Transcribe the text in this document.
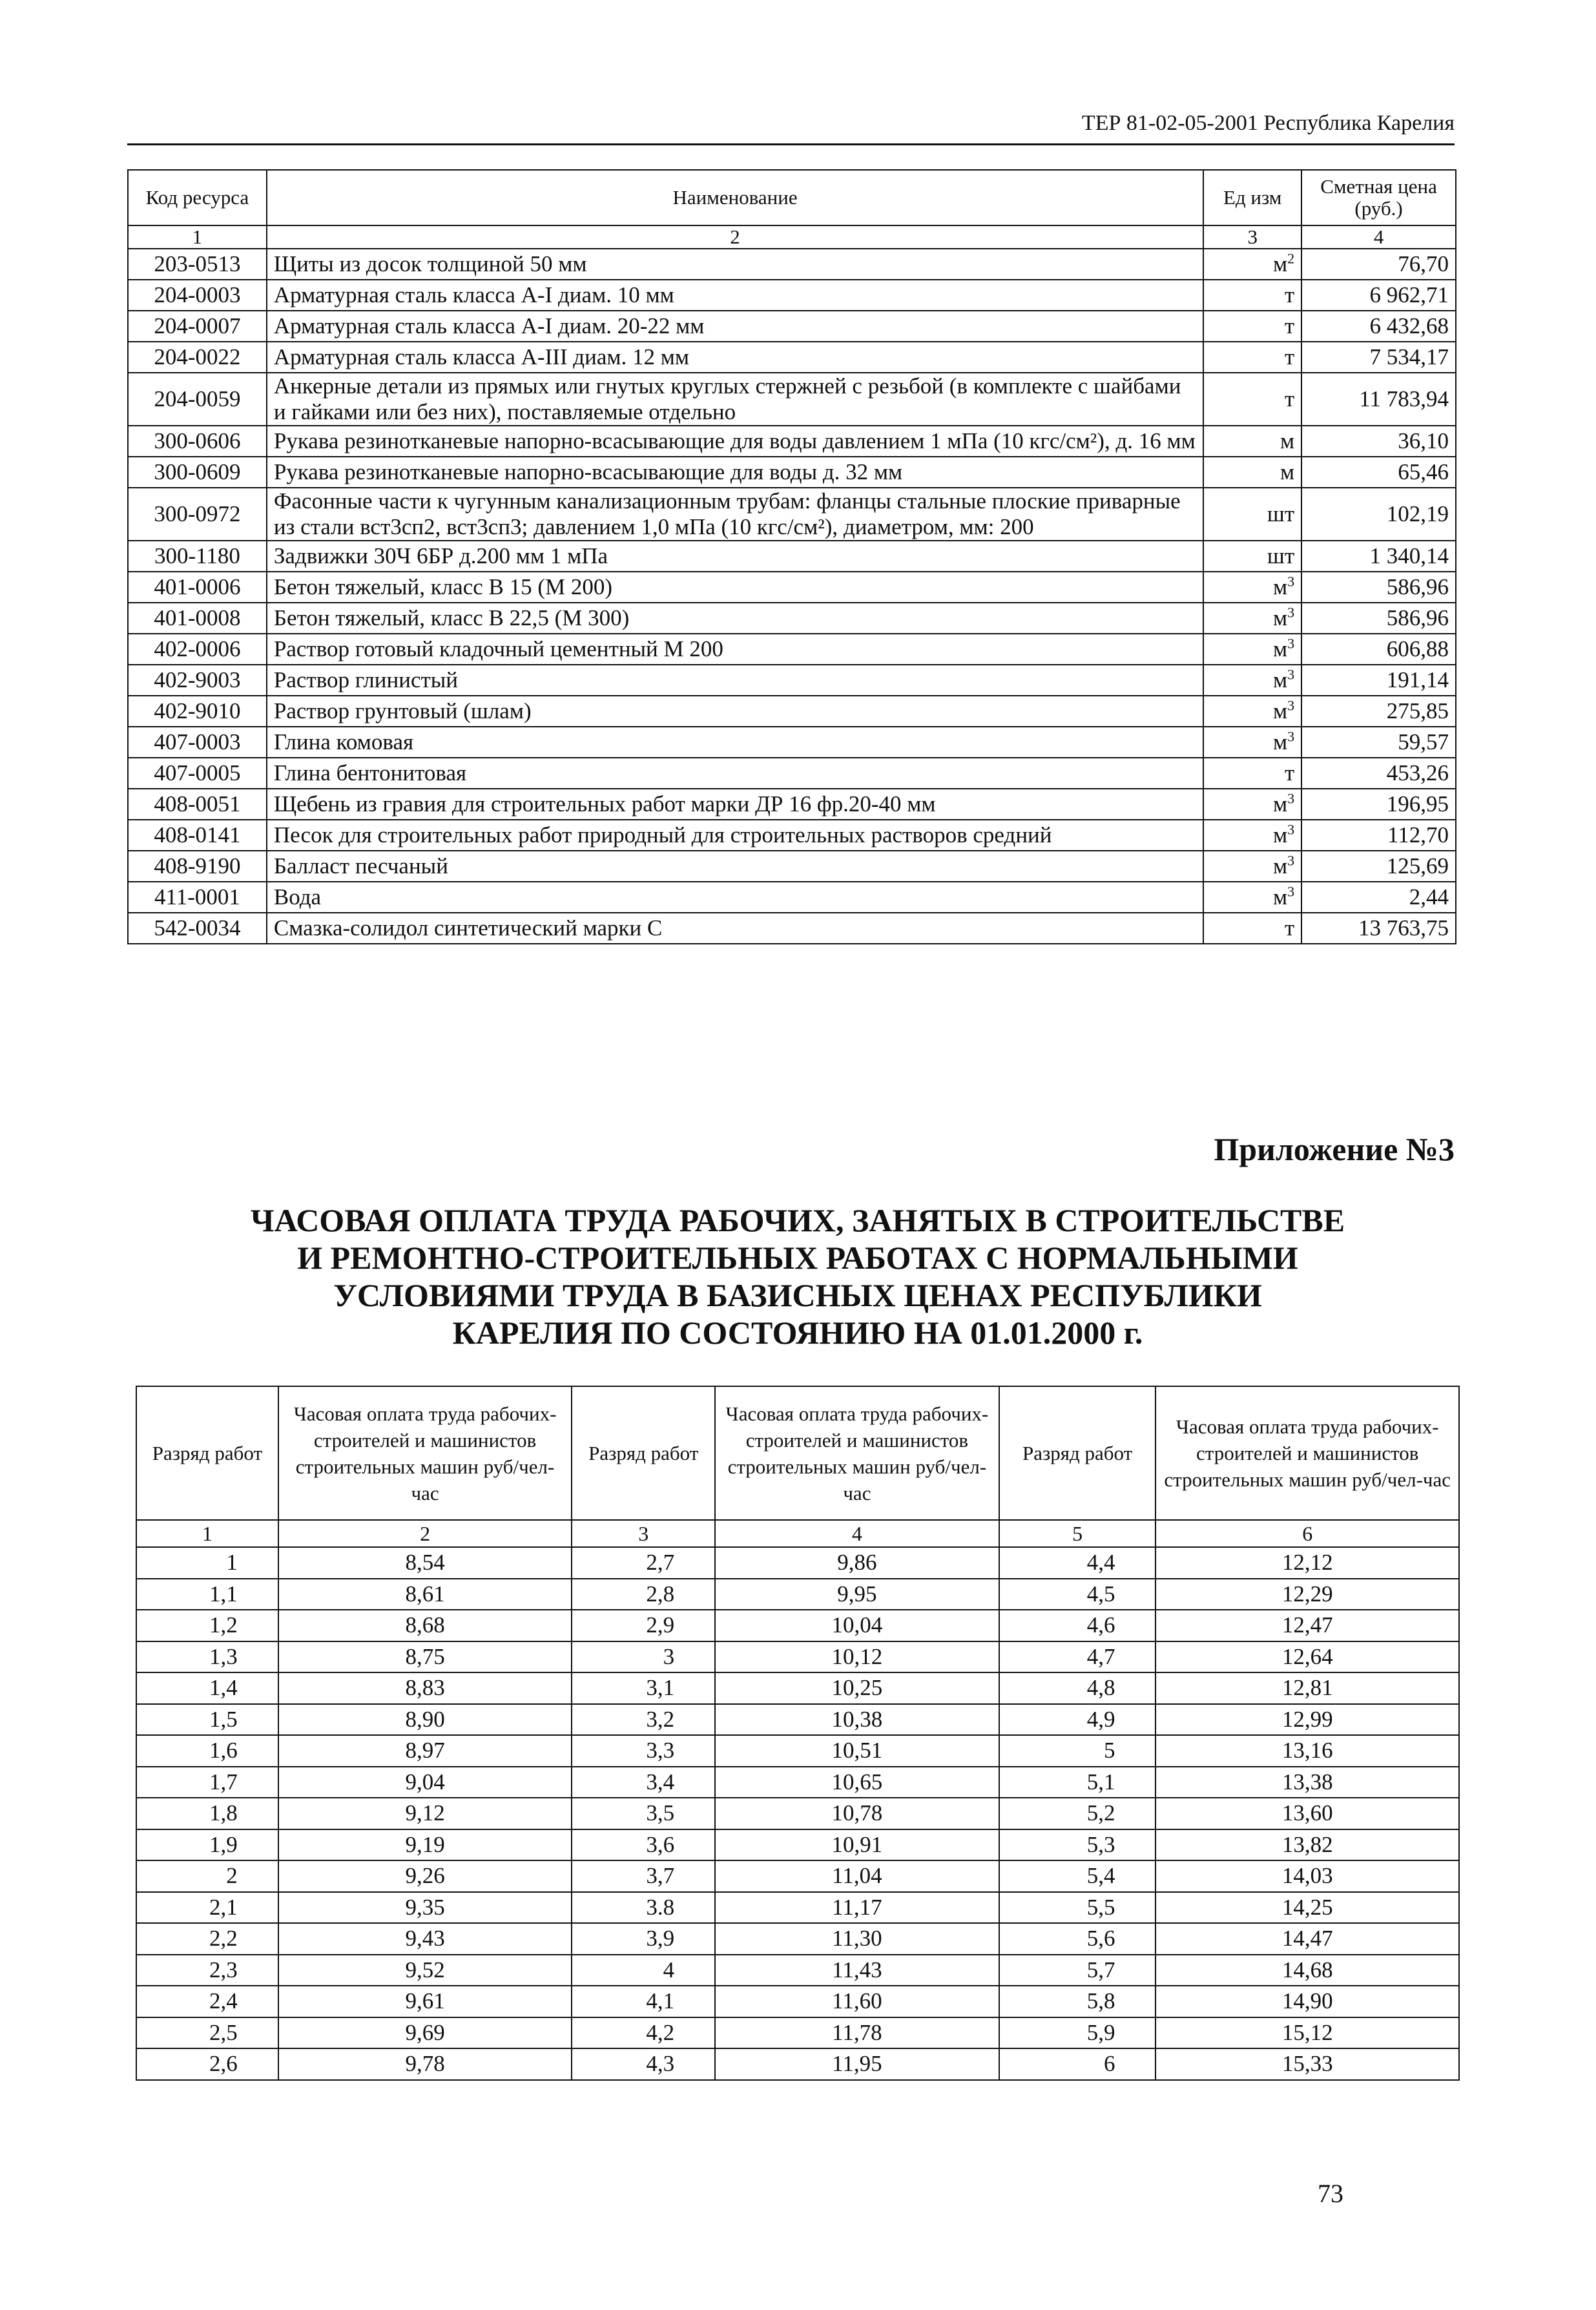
ТЕР 81-02-05-2001 Республика Карелия
Код ресурса	Наименование	Ед изм	Сметная цена (руб.)
1	2	3	4
203-0513	Щиты из досок толщиной 50 мм	$м^2$	76,70
204-0003	Арматурная сталь класса А-I диам. 10 мм	т	6 962,71
204-0007	Арматурная сталь класса А-I диам. 20-22 мм	т	6 432,68
204-0022	Арматурная сталь класса А-III диам. 12 мм	т	7 534,17
204-0059	Анкерные детали из прямых или гнутых круглых стержней с резьбой (в комплекте с шайбами и гайками или без них), поставляемые отдельно	т	11 783,94
300-0606	Рукава резинотканевые напорно-всасывающие для воды давлением 1 мПа (10 кгс/см²), д. 16 мм	м	36,10
300-0609	Рукава резинотканевые напорно-всасывающие для воды д. 32 мм	м	65,46
300-0972	Фасонные части к чугунным канализационным трубам: фланцы стальные плоские приварные из стали вст3сп2, вст3сп3; давлением 1,0 мПа (10 кгс/см²), диаметром, мм: 200	шт	102,19
300-1180	Задвижки 30Ч 6БР д.200 мм 1 мПа	шт	1 340,14
401-0006	Бетон тяжелый, класс В 15 (М 200)	$м^3$	586,96
401-0008	Бетон тяжелый, класс В 22,5 (М 300)	$м^3$	586,96
402-0006	Раствор готовый кладочный цементный М 200	$м^3$	606,88
402-9003	Раствор глинистый	$м^3$	191,14
402-9010	Раствор грунтовый (шлам)	$м^3$	275,85
407-0003	Глина комовая	$м^3$	59,57
407-0005	Глина бентонитовая	т	453,26
408-0051	Щебень из гравия для строительных работ марки ДР 16 фр.20-40 мм	$м^3$	196,95
408-0141	Песок для строительных работ природный для строительных растворов средний	$м^3$	112,70
408-9190	Балласт песчаный	$м^3$	125,69
411-0001	Вода	$м^3$	2,44
542-0034	Смазка-солидол синтетический марки С	т	13 763,75
Приложение №3
ЧАСОВАЯ ОПЛАТА ТРУДА РАБОЧИХ, ЗАНЯТЫХ В СТРОИТЕЛЬСТВЕ
И РЕМОНТНО-СТРОИТЕЛЬНЫХ РАБОТАХ С НОРМАЛЬНЫМИ
УСЛОВИЯМИ ТРУДА В БАЗИСНЫХ ЦЕНАХ РЕСПУБЛИКИ
КАРЕЛИЯ ПО СОСТОЯНИЮ НА 01.01.2000 г.
Разряд работ	Часовая оплата труда рабочих-строителей и машинистов строительных машин руб/чел-час	Разряд работ	Часовая оплата труда рабочих-строителей и машинистов строительных машин руб/чел-час	Разряд работ	Часовая оплата труда рабочих-строителей и машинистов строительных машин руб/чел-час
1	2	3	4	5	6
1	8,54	2,7	9,86	4,4	12,12
1,1	8,61	2,8	9,95	4,5	12,29
1,2	8,68	2,9	10,04	4,6	12,47
1,3	8,75	3	10,12	4,7	12,64
1,4	8,83	3,1	10,25	4,8	12,81
1,5	8,90	3,2	10,38	4,9	12,99
1,6	8,97	3,3	10,51	5	13,16
1,7	9,04	3,4	10,65	5,1	13,38
1,8	9,12	3,5	10,78	5,2	13,60
1,9	9,19	3,6	10,91	5,3	13,82
2	9,26	3,7	11,04	5,4	14,03
2,1	9,35	3.8	11,17	5,5	14,25
2,2	9,43	3,9	11,30	5,6	14,47
2,3	9,52	4	11,43	5,7	14,68
2,4	9,61	4,1	11,60	5,8	14,90
2,5	9,69	4,2	11,78	5,9	15,12
2,6	9,78	4,3	11,95	6	15,33
73
